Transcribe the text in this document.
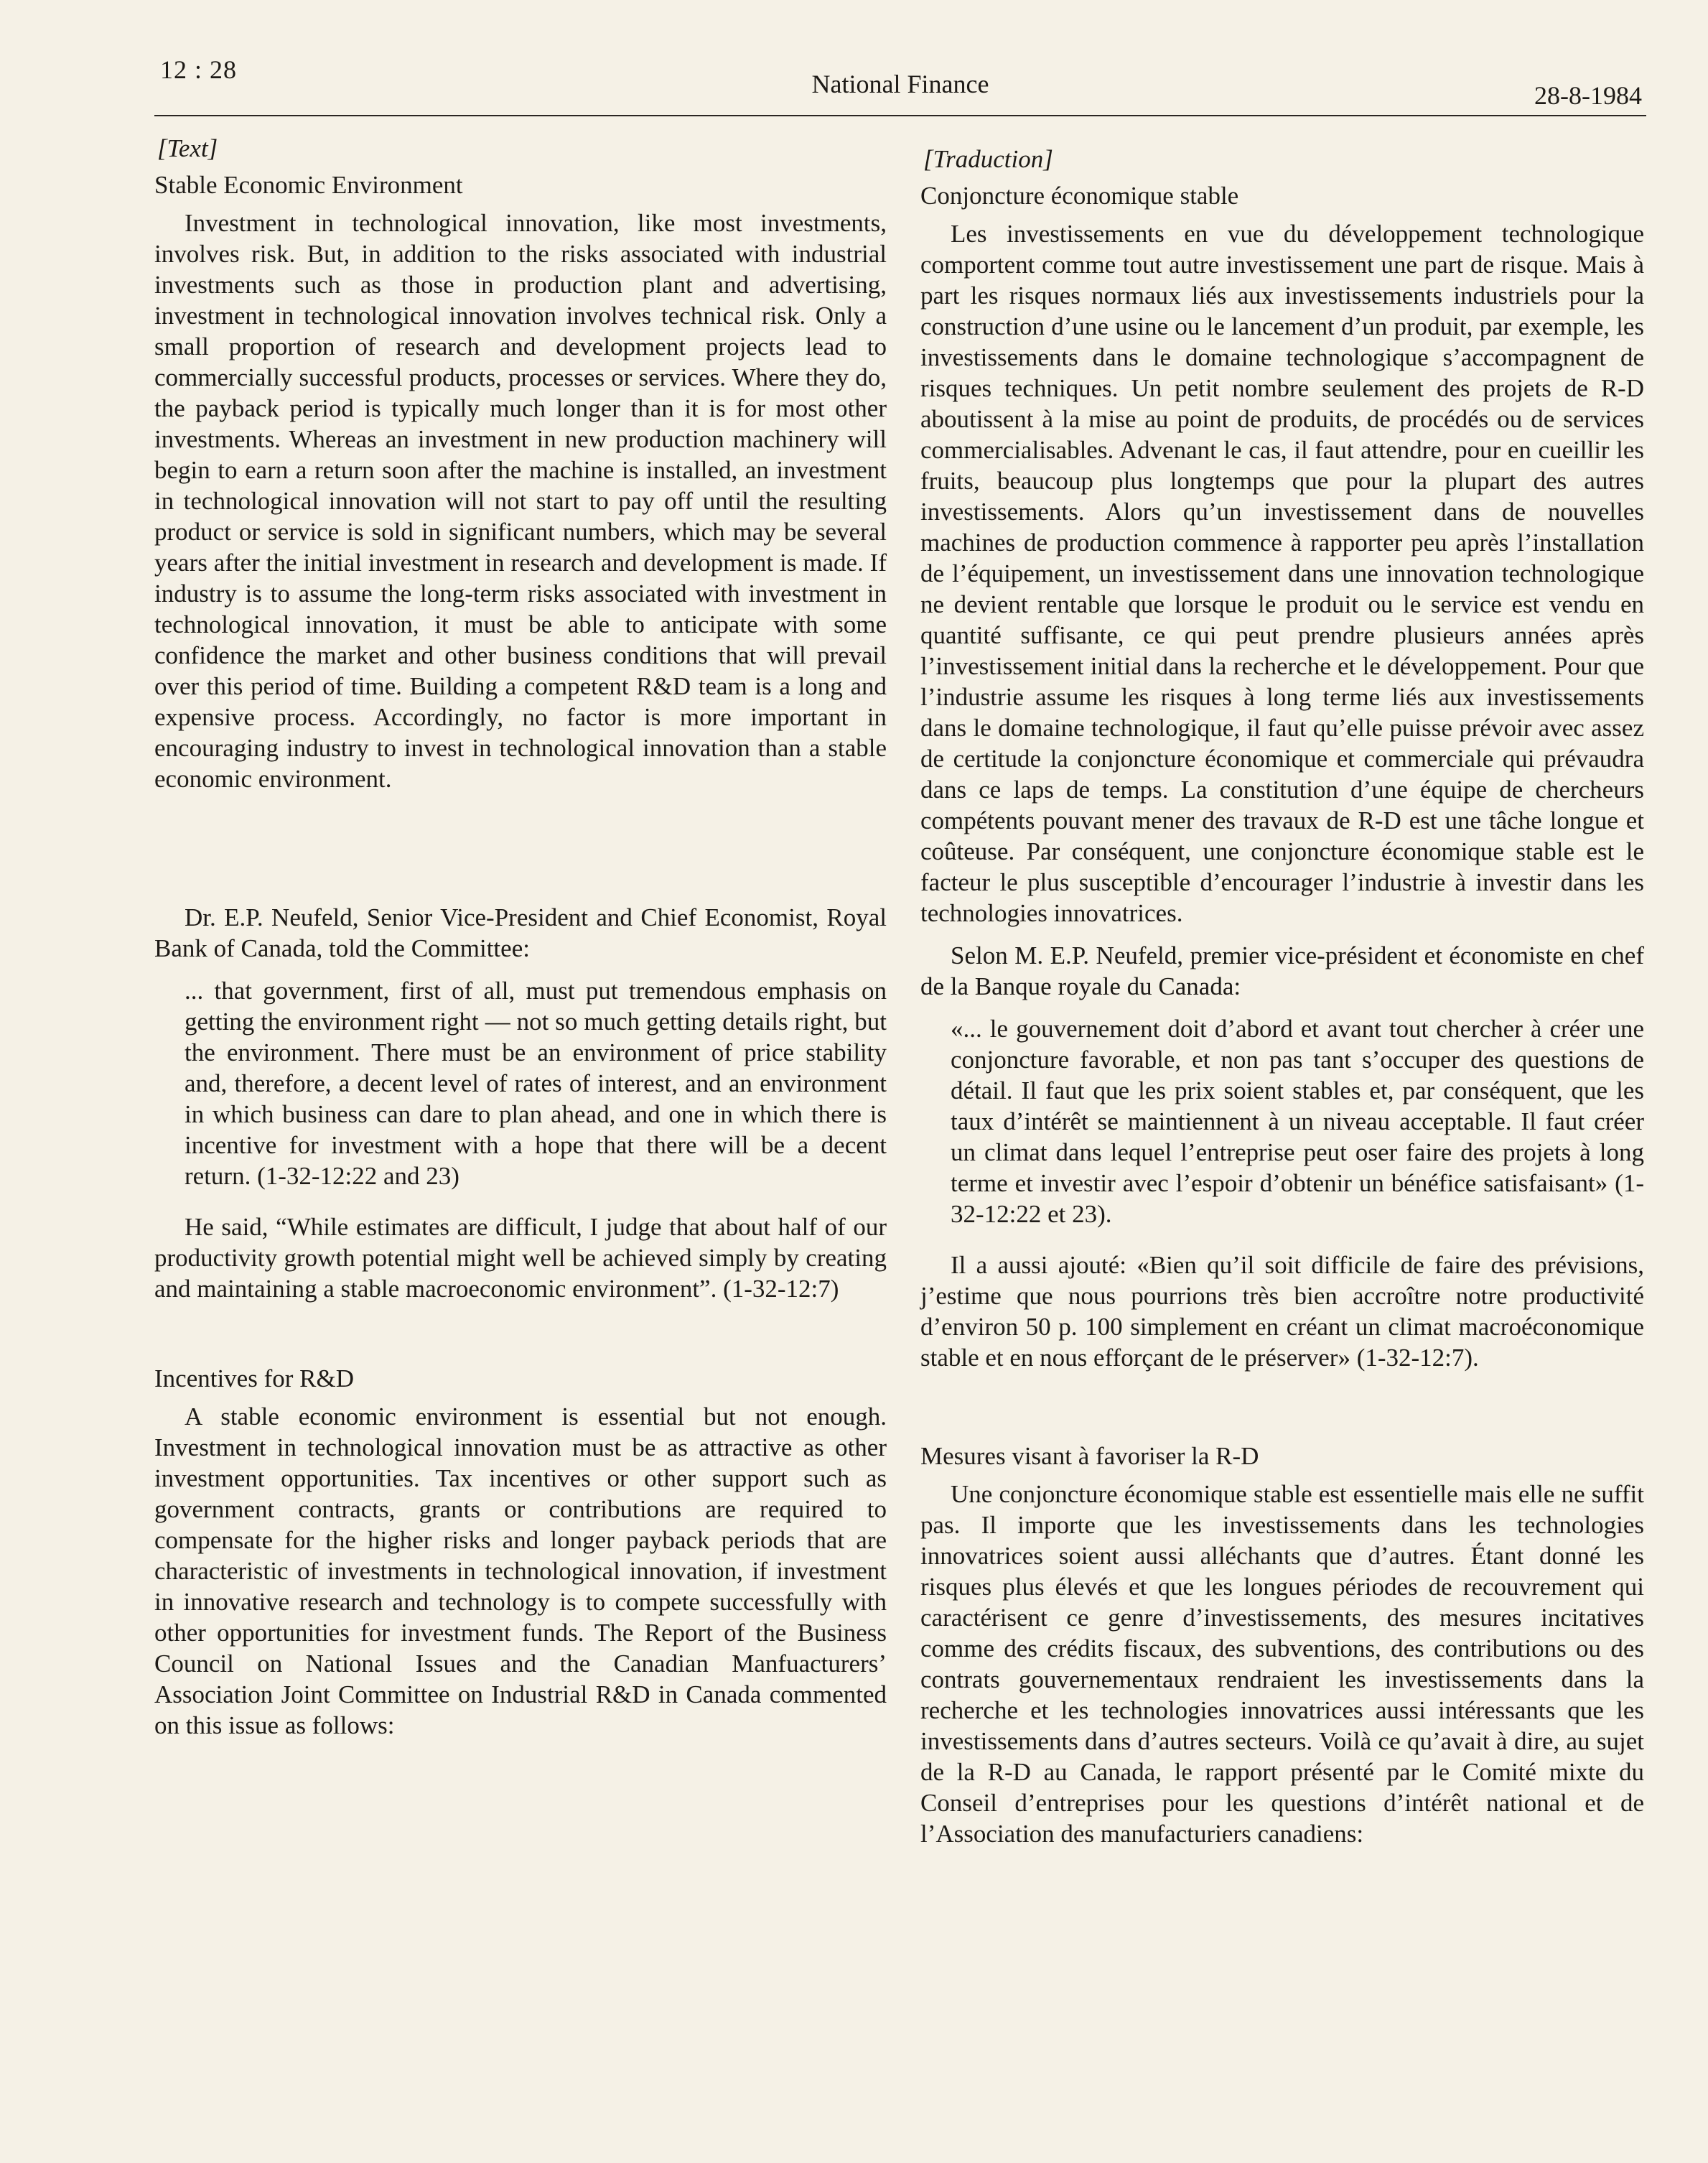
12 : 28	National Finance	28-8-1984
[Text]
Stable Economic Environment

Investment in technological innovation, like most investments, involves risk. But, in addition to the risks associated with industrial investments such as those in production plant and advertising, investment in technological innovation involves technical risk. Only a small proportion of research and development projects lead to commercially successful products, processes or services. Where they do, the payback period is typically much longer than it is for most other investments. Whereas an investment in new production machinery will begin to earn a return soon after the machine is installed, an investment in technological innovation will not start to pay off until the resulting product or service is sold in significant numbers, which may be several years after the initial investment in research and development is made. If industry is to assume the long-term risks associated with investment in technological innovation, it must be able to anticipate with some confidence the market and other business conditions that will prevail over this period of time. Building a competent R&D team is a long and expensive process. Accordingly, no factor is more important in encouraging industry to invest in technological innovation than a stable economic environment.

Dr. E.P. Neufeld, Senior Vice-President and Chief Economist, Royal Bank of Canada, told the Committee:

... that government, first of all, must put tremendous emphasis on getting the environment right — not so much getting details right, but the environment. There must be an environment of price stability and, therefore, a decent level of rates of interest, and an environment in which business can dare to plan ahead, and one in which there is incentive for investment with a hope that there will be a decent return. (1-32-12:22 and 23)

He said, “While estimates are difficult, I judge that about half of our productivity growth potential might well be achieved simply by creating and maintaining a stable macroeconomic environment”. (1-32-12:7)

Incentives for R&D

A stable economic environment is essential but not enough. Investment in technological innovation must be as attractive as other investment opportunities. Tax incentives or other support such as government contracts, grants or contributions are required to compensate for the higher risks and longer payback periods that are characteristic of investments in technological innovation, if investment in innovative research and technology is to compete successfully with other opportunities for investment funds. The Report of the Business Council on National Issues and the Canadian Manfuacturers’ Association Joint Committee on Industrial R&D in Canada commented on this issue as follows:

[Traduction]
Conjoncture économique stable

Les investissements en vue du développement technologique comportent comme tout autre investissement une part de risque. Mais à part les risques normaux liés aux investissements industriels pour la construction d’une usine ou le lancement d’un produit, par exemple, les investissements dans le domaine technologique s’accompagnent de risques techniques. Un petit nombre seulement des projets de R-D aboutissent à la mise au point de produits, de procédés ou de services commercialisables. Advenant le cas, il faut attendre, pour en cueillir les fruits, beaucoup plus longtemps que pour la plupart des autres investissements. Alors qu’un investissement dans de nouvelles machines de production commence à rapporter peu après l’installation de l’équipement, un investissement dans une innovation technologique ne devient rentable que lorsque le produit ou le service est vendu en quantité suffisante, ce qui peut prendre plusieurs années après l’investissement initial dans la recherche et le développement. Pour que l’industrie assume les risques à long terme liés aux investissements dans le domaine technologique, il faut qu’elle puisse prévoir avec assez de certitude la conjoncture économique et commerciale qui prévaudra dans ce laps de temps. La constitution d’une équipe de chercheurs compétents pouvant mener des travaux de R-D est une tâche longue et coûteuse. Par conséquent, une conjoncture économique stable est le facteur le plus susceptible d’encourager l’industrie à investir dans les technologies innovatrices.

Selon M. E.P. Neufeld, premier vice-président et économiste en chef de la Banque royale du Canada:

«... le gouvernement doit d’abord et avant tout chercher à créer une conjoncture favorable, et non pas tant s’occuper des questions de détail. Il faut que les prix soient stables et, par conséquent, que les taux d’intérêt se maintiennent à un niveau acceptable. Il faut créer un climat dans lequel l’entreprise peut oser faire des projets à long terme et investir avec l’espoir d’obtenir un bénéfice satisfaisant» (1-32-12:22 et 23).

Il a aussi ajouté: «Bien qu’il soit difficile de faire des prévisions, j’estime que nous pourrions très bien accroître notre productivité d’environ 50 p. 100 simplement en créant un climat macroéconomique stable et en nous efforçant de le préserver» (1-32-12:7).

Mesures visant à favoriser la R-D

Une conjoncture économique stable est essentielle mais elle ne suffit pas. Il importe que les investissements dans les technologies innovatrices soient aussi alléchants que d’autres. Étant donné les risques plus élevés et que les longues périodes de recouvrement qui caractérisent ce genre d’investissements, des mesures incitatives comme des crédits fiscaux, des subventions, des contributions ou des contrats gouvernementaux rendraient les investissements dans la recherche et les technologies innovatrices aussi intéressants que les investissements dans d’autres secteurs. Voilà ce qu’avait à dire, au sujet de la R-D au Canada, le rapport présenté par le Comité mixte du Conseil d’entreprises pour les questions d’intérêt national et de l’Association des manufacturiers canadiens:
